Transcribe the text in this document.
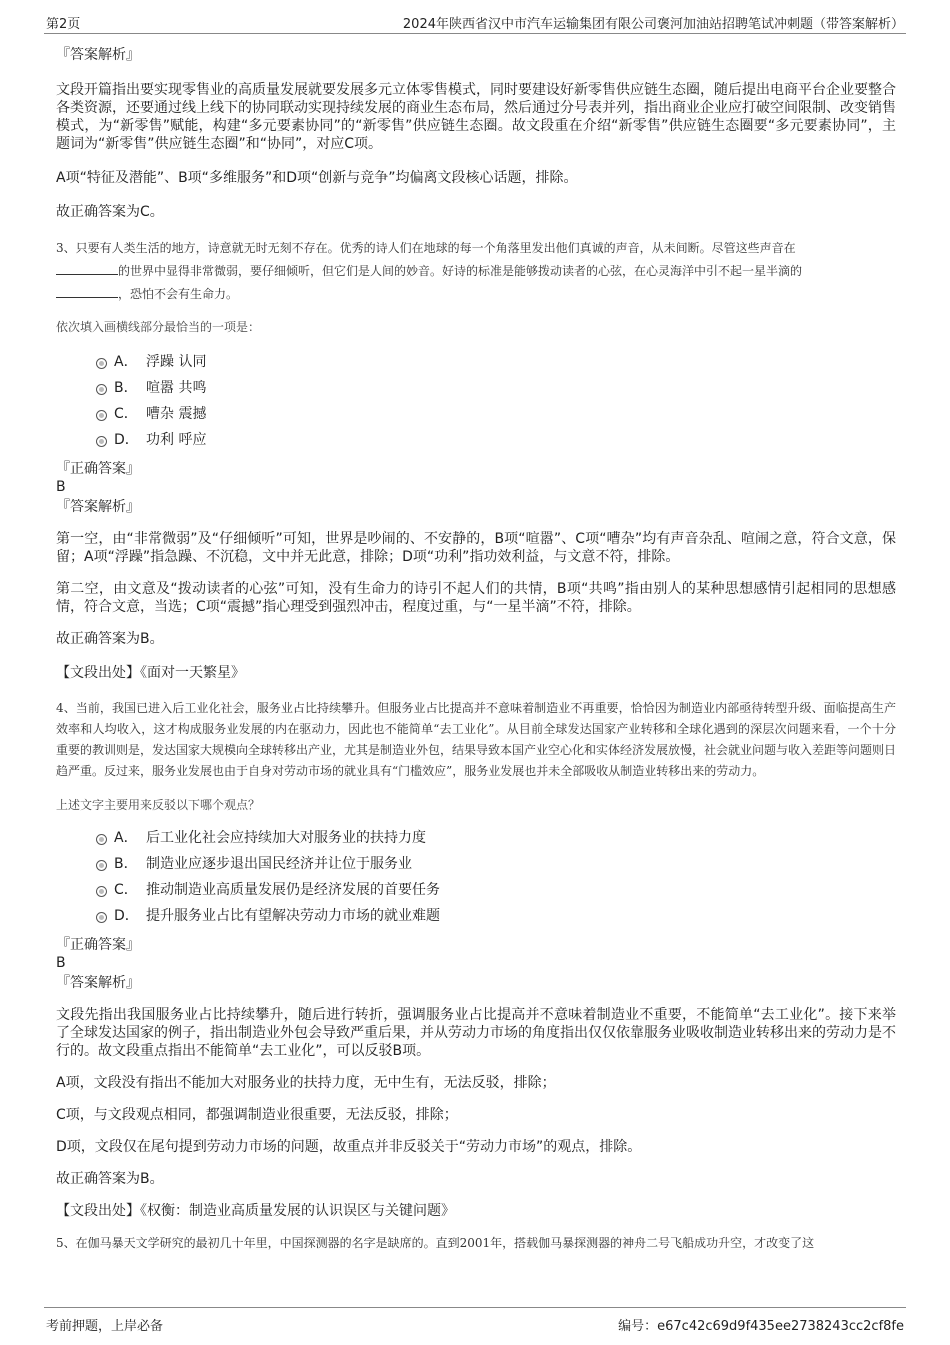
第2页	2024年陕西省汉中市汽车运输集团有限公司褒河加油站招聘笔试冲刺题（带答案解析）

『答案解析』

文段开篇指出要实现零售业的高质量发展就要发展多元立体零售模式，同时要建设好新零售供应链生态圈，随后提出电商平台企业要整合各类资源，还要通过线上线下的协同联动实现持续发展的商业生态布局，然后通过分号表并列，指出商业企业应打破空间限制、改变销售模式，为“新零售”赋能，构建“多元要素协同”的“新零售”供应链生态圈。故文段重在介绍“新零售”供应链生态圈要“多元要素协同”，主题词为“新零售”供应链生态圈”和“协同”，对应C项。

A项“特征及潜能”、B项“多维服务”和D项“创新与竞争”均偏离文段核心话题，排除。

故正确答案为C。

3、只要有人类生活的地方，诗意就无时无刻不存在。优秀的诗人们在地球的每一个角落里发出他们真诚的声音，从未间断。尽管这些声音在
的世界中显得非常微弱，要仔细倾听，但它们是人间的妙音。好诗的标准是能够拨动读者的心弦，在心灵海洋中引不起一星半滴的
，恐怕不会有生命力。

依次填入画横线部分最恰当的一项是：

A． 浮躁 认同
B． 喧嚣 共鸣
C． 嘈杂 震撼
D． 功利 呼应

『正确答案』

B

『答案解析』

第一空，由“非常微弱”及“仔细倾听”可知，世界是吵闹的、不安静的，B项“喧嚣”、C项“嘈杂”均有声音杂乱、喧闹之意，符合文意，保留；A项“浮躁”指急躁、不沉稳，文中并无此意，排除；D项“功利”指功效利益，与文意不符，排除。

第二空，由文意及“拨动读者的心弦”可知，没有生命力的诗引不起人们的共情，B项“共鸣”指由别人的某种思想感情引起相同的思想感情，符合文意，当选；C项“震撼”指心理受到强烈冲击，程度过重，与“一星半滴”不符，排除。

故正确答案为B。

【文段出处】《面对一天繁星》

4、当前，我国已进入后工业化社会，服务业占比持续攀升。但服务业占比提高并不意味着制造业不再重要，恰恰因为制造业内部亟待转型升级、面临提高生产效率和人均收入，这才构成服务业发展的内在驱动力，因此也不能简单“去工业化”。从目前全球发达国家产业转移和全球化遇到的深层次问题来看，一个十分重要的教训则是，发达国家大规模向全球转移出产业，尤其是制造业外包，结果导致本国产业空心化和实体经济发展放慢，社会就业问题与收入差距等问题则日趋严重。反过来，服务业发展也由于自身对劳动市场的就业具有“门槛效应”，服务业发展也并未全部吸收从制造业转移出来的劳动力。

上述文字主要用来反驳以下哪个观点？

A． 后工业化社会应持续加大对服务业的扶持力度
B． 制造业应逐步退出国民经济并让位于服务业
C． 推动制造业高质量发展仍是经济发展的首要任务
D． 提升服务业占比有望解决劳动力市场的就业难题

『正确答案』

B

『答案解析』

文段先指出我国服务业占比持续攀升，随后进行转折，强调服务业占比提高并不意味着制造业不重要，不能简单“去工业化”。接下来举了全球发达国家的例子，指出制造业外包会导致严重后果，并从劳动力市场的角度指出仅仅依靠服务业吸收制造业转移出来的劳动力是不行的。故文段重点指出不能简单“去工业化”，可以反驳B项。

A项，文段没有指出不能加大对服务业的扶持力度，无中生有，无法反驳，排除；

C项，与文段观点相同，都强调制造业很重要，无法反驳，排除；

D项，文段仅在尾句提到劳动力市场的问题，故重点并非反驳关于“劳动力市场”的观点，排除。

故正确答案为B。

【文段出处】《权衡：制造业高质量发展的认识误区与关键问题》

5、在伽马暴天文学研究的最初几十年里，中国探测器的名字是缺席的。直到2001年，搭载伽马暴探测器的神舟二号飞船成功升空，才改变了这

考前押题，上岸必备	编号：e67c42c69d9f435ee2738243cc2cf8fe
